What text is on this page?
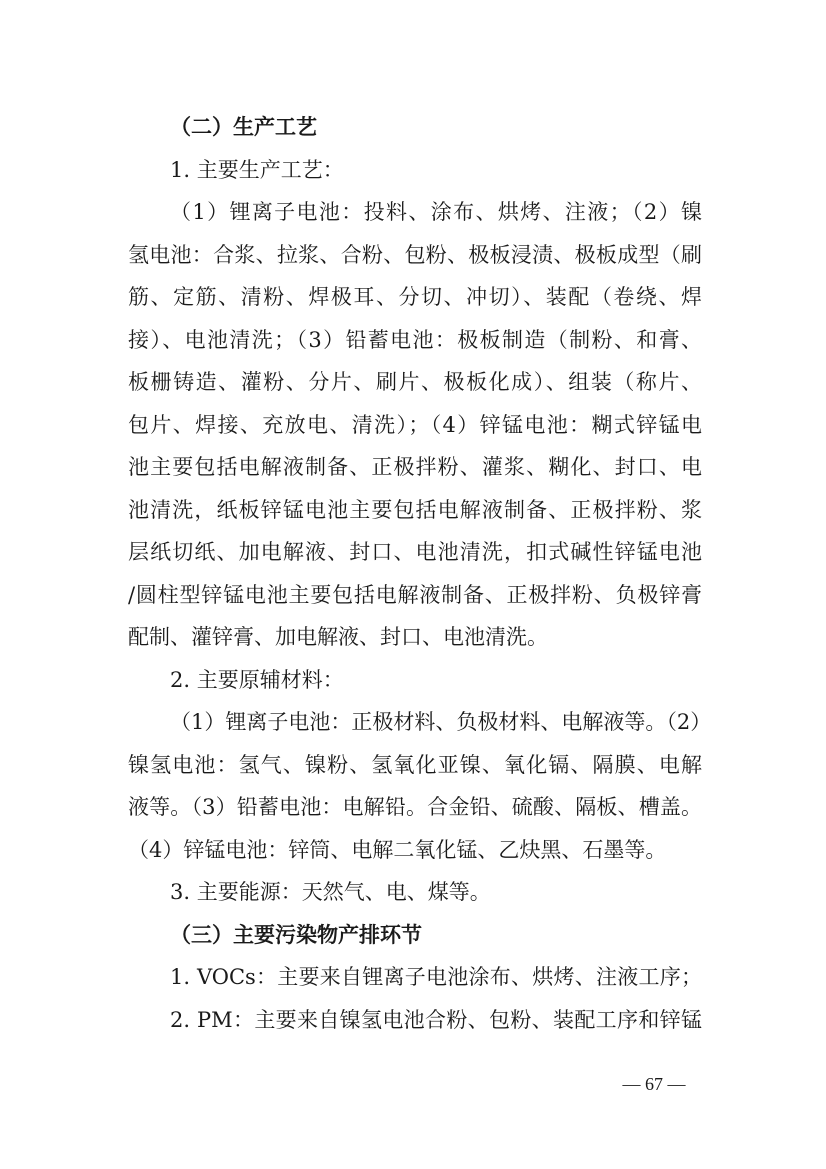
（二）生产工艺
1. 主要生产工艺：
（1）锂离子电池：投料、涂布、烘烤、注液；（2）镍
氢电池：合浆、拉浆、合粉、包粉、极板浸渍、极板成型（刷
筋、定筋、清粉、焊极耳、分切、冲切）、装配（卷绕、焊
接）、电池清洗；（3）铅蓄电池：极板制造（制粉、和膏、
板栅铸造、灌粉、分片、刷片、极板化成）、组装（称片、
包片、焊接、充放电、清洗）；（4）锌锰电池：糊式锌锰电
池主要包括电解液制备、正极拌粉、灌浆、糊化、封口、电
池清洗，纸板锌锰电池主要包括电解液制备、正极拌粉、浆
层纸切纸、加电解液、封口、电池清洗，扣式碱性锌锰电池
/圆柱型锌锰电池主要包括电解液制备、正极拌粉、负极锌膏
配制、灌锌膏、加电解液、封口、电池清洗。
2. 主要原辅材料：
（1）锂离子电池：正极材料、负极材料、电解液等。（2）
镍氢电池：氢气、镍粉、氢氧化亚镍、氧化镉、隔膜、电解
液等。（3）铅蓄电池：电解铅。合金铅、硫酸、隔板、槽盖。
（4）锌锰电池：锌筒、电解二氧化锰、乙炔黑、石墨等。
3. 主要能源：天然气、电、煤等。
（三）主要污染物产排环节
1. VOCs：主要来自锂离子电池涂布、烘烤、注液工序；
2. PM：主要来自镍氢电池合粉、包粉、装配工序和锌锰
— 67 —
